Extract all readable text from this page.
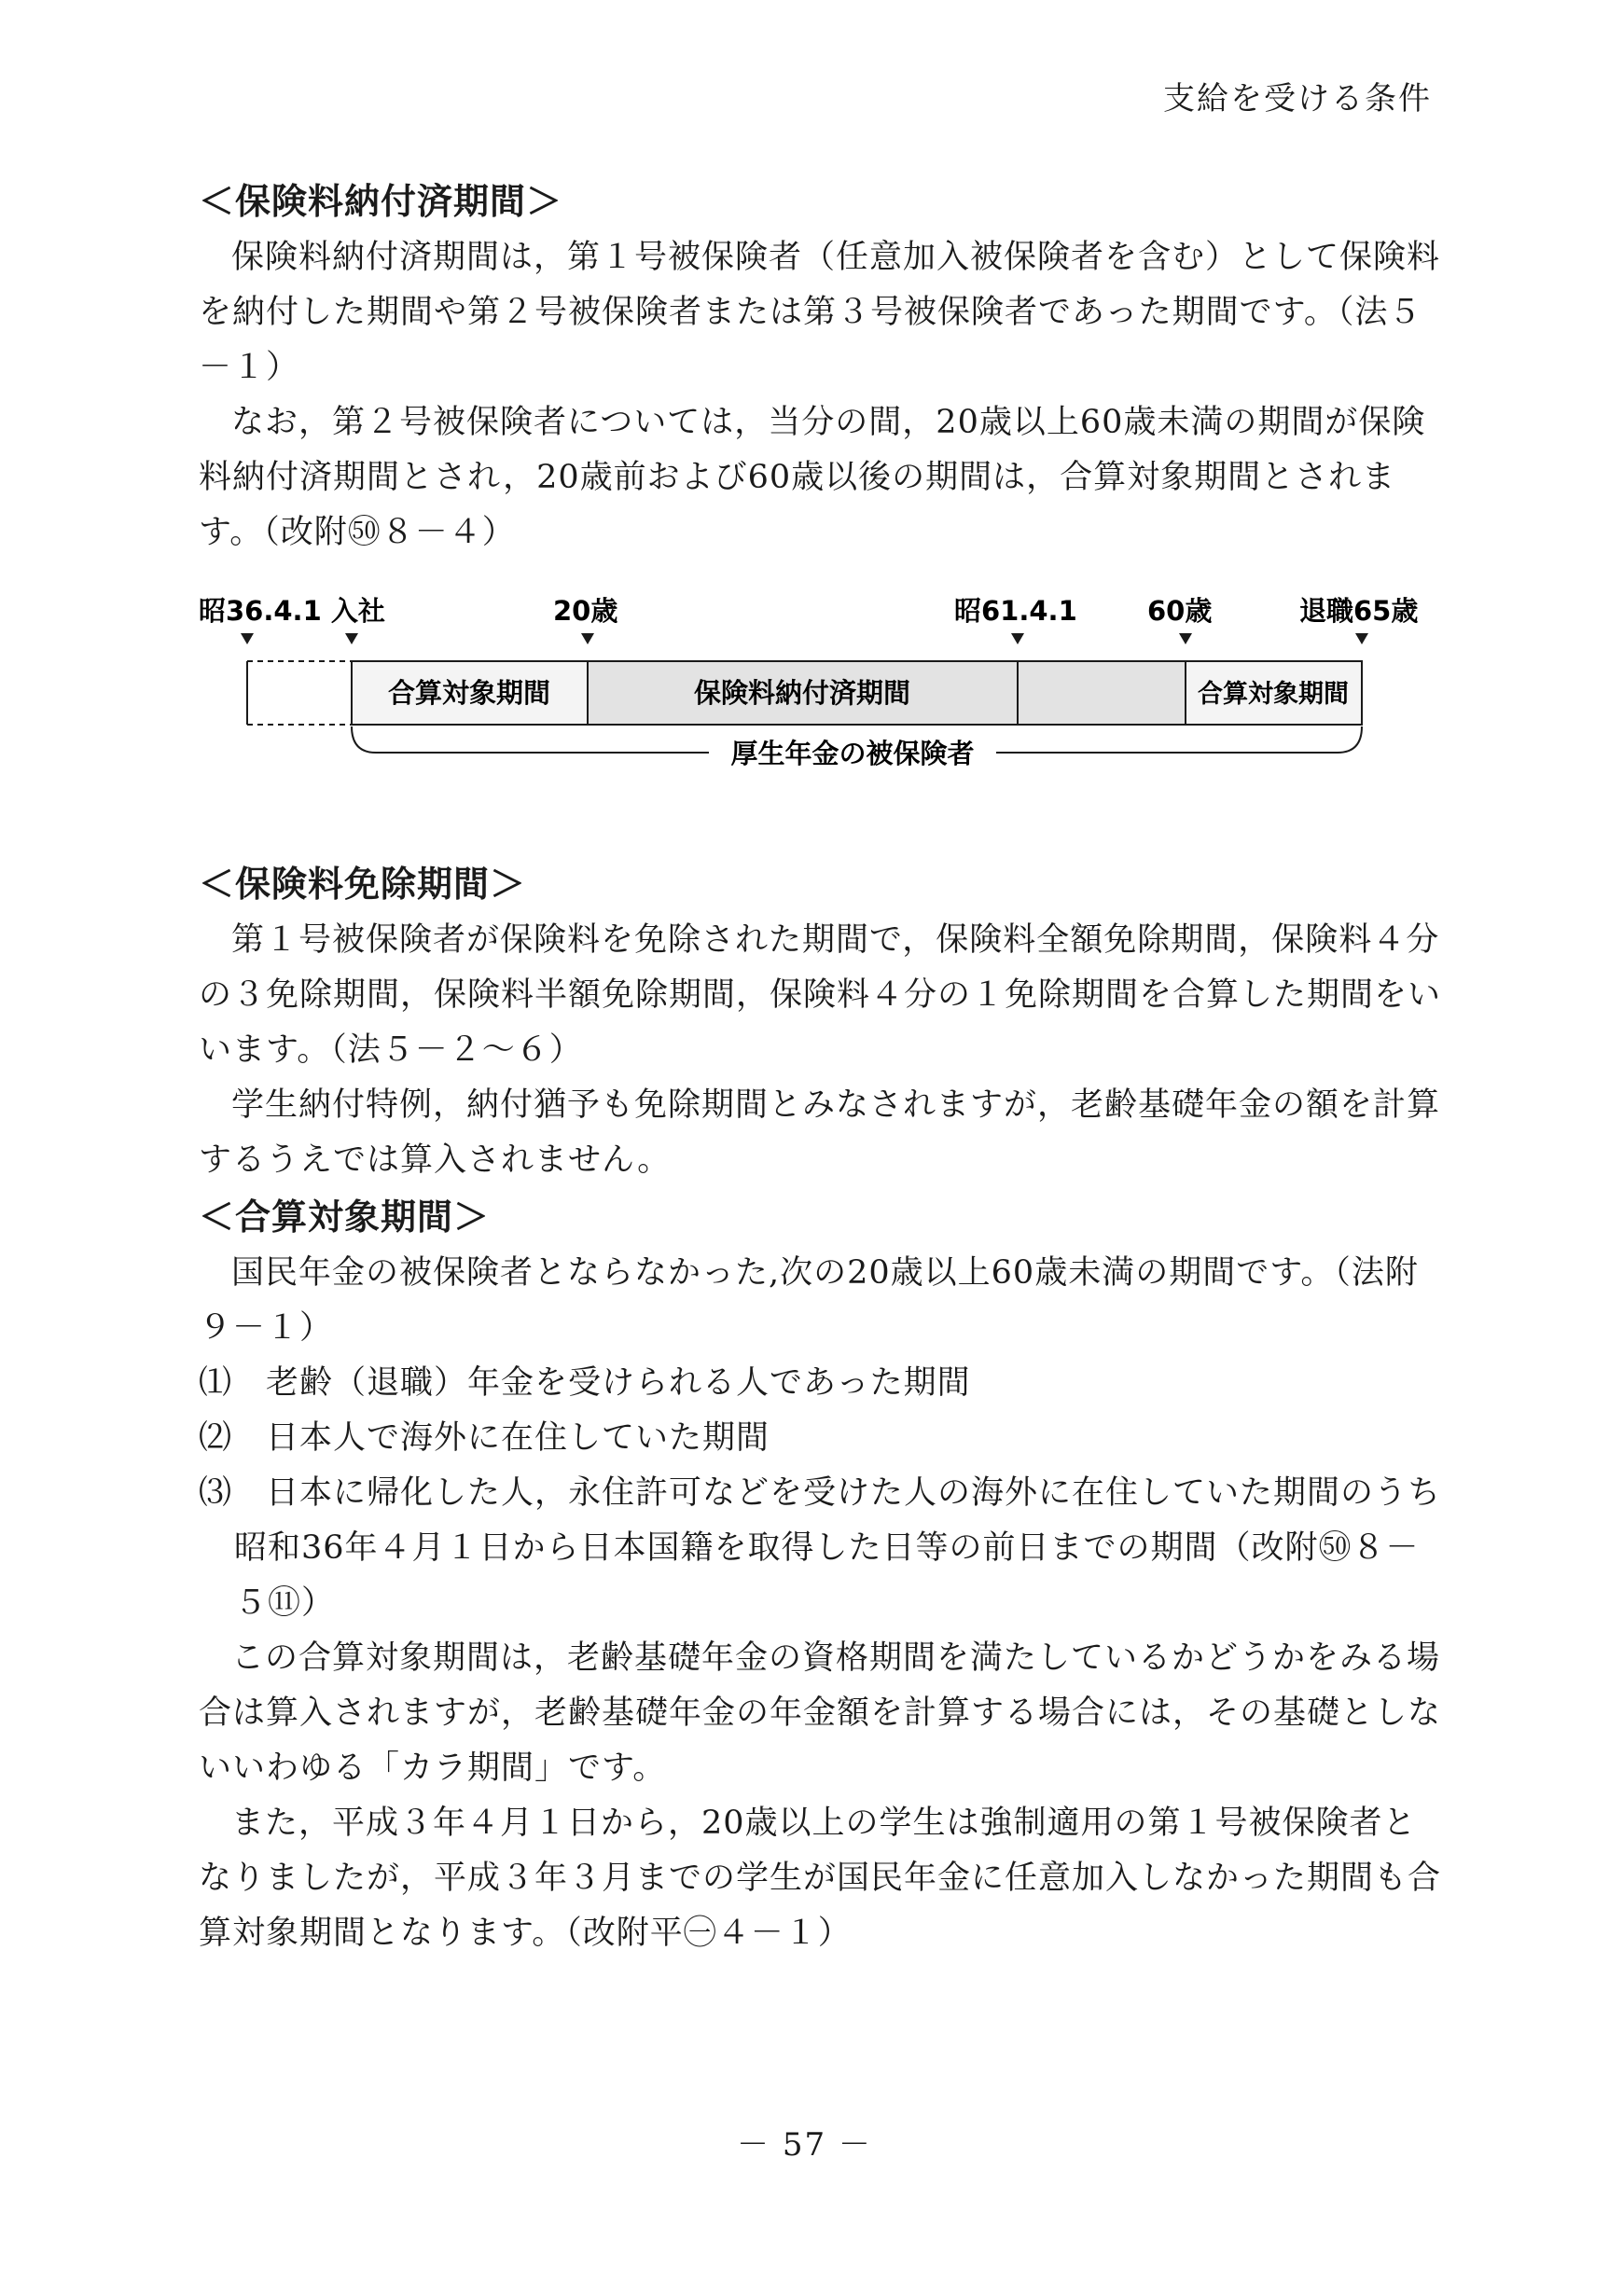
支給を受ける条件
＜保険料納付済期間＞

保険料納付済期間は，第１号被保険者（任意加入被保険者を含む）として保険料を納付した期間や第２号被保険者または第３号被保険者であった期間です。（法５－１）

なお，第２号被保険者については，当分の間，20歳以上60歳未満の期間が保険料納付済期間とされ，20歳前および60歳以後の期間は，合算対象期間とされます。（改附㊿８－４）

昭36.4.1 入社	20歳	昭61.4.1	60歳	退職65歳
合算対象期間	保険料納付済期間	合算対象期間
厚生年金の被保険者
＜保険料免除期間＞

第１号被保険者が保険料を免除された期間で，保険料全額免除期間，保険料４分の３免除期間，保険料半額免除期間，保険料４分の１免除期間を合算した期間をいいます。（法５－２～６）

学生納付特例，納付猶予も免除期間とみなされますが，老齢基礎年金の額を計算するうえでは算入されません。

＜合算対象期間＞

国民年金の被保険者とならなかった,次の20歳以上60歳未満の期間です。（法附９－１）

⑴　老齢（退職）年金を受けられる人であった期間

⑵　日本人で海外に在住していた期間

⑶　日本に帰化した人，永住許可などを受けた人の海外に在住していた期間のうち昭和36年４月１日から日本国籍を取得した日等の前日までの期間（改附㊿８－５⑪）

この合算対象期間は，老齢基礎年金の資格期間を満たしているかどうかをみる場合は算入されますが，老齢基礎年金の年金額を計算する場合には，その基礎としないいわゆる「カラ期間」です。

また，平成３年４月１日から，20歳以上の学生は強制適用の第１号被保険者となりましたが，平成３年３月までの学生が国民年金に任意加入しなかった期間も合算対象期間となります。（改附平㊀４－１）

－ 57 －
